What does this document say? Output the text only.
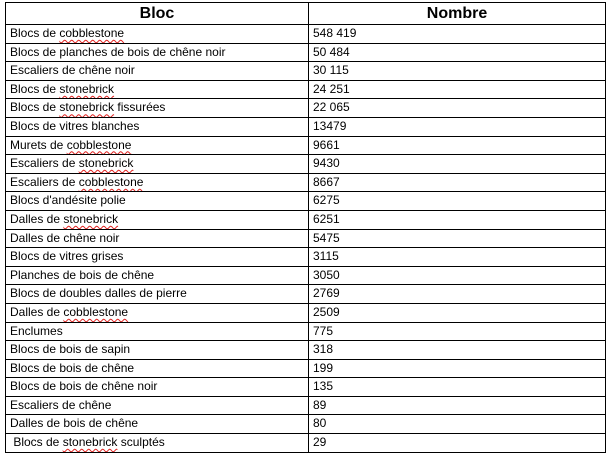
Bloc	Nombre
Blocs de cobblestone	548 419
Blocs de planches de bois de chêne noir	50 484
Escaliers de chêne noir	30 115
Blocs de stonebrick	24 251
Blocs de stonebrick fissurées	22 065
Blocs de vitres blanches	13479
Murets de cobblestone	9661
Escaliers de stonebrick	9430
Escaliers de cobblestone	8667
Blocs d'andésite polie	6275
Dalles de stonebrick	6251
Dalles de chêne noir	5475
Blocs de vitres grises	3115
Planches de bois de chêne	3050
Blocs de doubles dalles de pierre	2769
Dalles de cobblestone	2509
Enclumes	775
Blocs de bois de sapin	318
Blocs de bois de chêne	199
Blocs de bois de chêne noir	135
Escaliers de chêne	89
Dalles de bois de chêne	80
Blocs de stonebrick sculptés	29
